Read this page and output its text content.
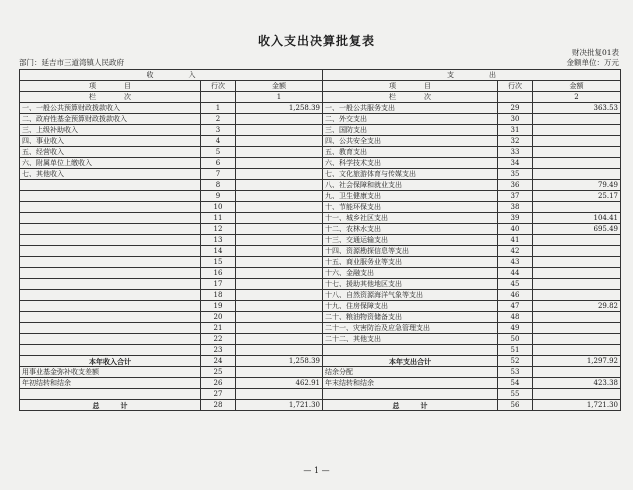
收入支出决算批复表
财决批复01表
部门：延吉市三道湾镇人民政府	金额单位：万元
收　　　　　入			支　　　　　出		
项　　　　目	行次	金额	项　　　　目	行次	金额
栏　　　　次		1	栏　　　　次		2
一、一般公共预算财政拨款收入	1	1,258.39	一、一般公共服务支出	29	363.53
二、政府性基金预算财政拨款收入	2		二、外交支出	30	
三、上级补助收入	3		三、国防支出	31	
四、事业收入	4		四、公共安全支出	32	
五、经营收入	5		五、教育支出	33	
六、附属单位上缴收入	6		六、科学技术支出	34	
七、其他收入	7		七、文化旅游体育与传媒支出	35	
	8		八、社会保障和就业支出	36	79.49
	9		九、卫生健康支出	37	25.17
	10		十、节能环保支出	38	
	11		十一、城乡社区支出	39	104.41
	12		十二、农林水支出	40	695.49
	13		十三、交通运输支出	41	
	14		十四、资源勘探信息等支出	42	
	15		十五、商业服务业等支出	43	
	16		十六、金融支出	44	
	17		十七、援助其他地区支出	45	
	18		十八、自然资源海洋气象等支出	46	
	19		十九、住房保障支出	47	29.82
	20		二十、粮油物资储备支出	48	
	21		二十一、灾害防治及应急管理支出	49	
	22		二十二、其他支出	50	
	23			51	
本年收入合计	24	1,258.39	本年支出合计	52	1,297.92
用事业基金弥补收支差额	25		结余分配	53	
年初结转和结余	26	462.91	年末结转和结余	54	423.38
	27			55	
总　　　计	28	1,721.30	总　　　计	56	1,721.30
— 1 —
